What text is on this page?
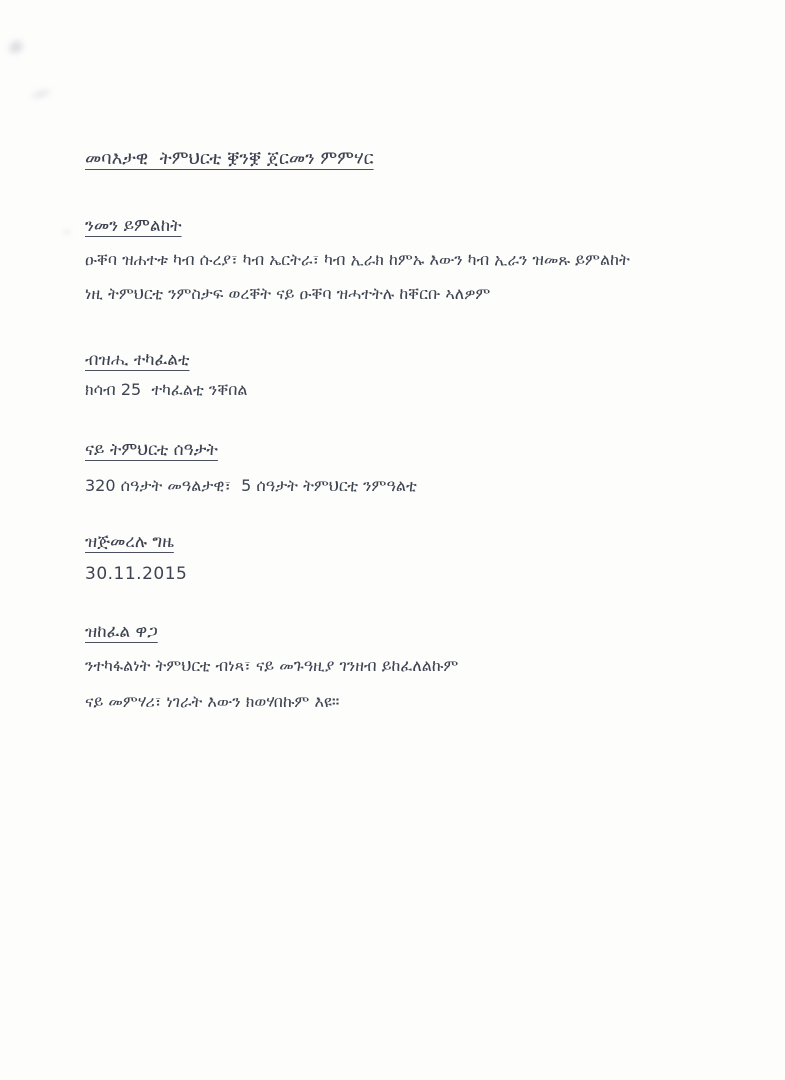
መባእታዊ  ትምህርቲ ቛንቛ ጀርመን ምምሃር
ንመን ይምልከት
ዑቐባ ዝሐተቱ ካብ ሱረያ፣ ካብ ኤርትራ፣ ካብ ኢራክ ከምኡ እውን ካብ ኢራን ዝመጹ ይምልከት
ነዚ ትምህርቲ ንምስታፍ ወረቐት ናይ ዑቐባ ዝሓተትሉ ከቐርቡ ኣለዎም
ብዝሒ ተካፈልቲ
ክሳብ 25  ተካፈልቲ ንቐበል
ናይ ትምህርቲ ሰዓታት
320 ሰዓታት መዓልታዊ፣  5 ሰዓታት ትምህርቲ ንምዓልቲ
ዝጅመረሉ ግዜ
30.11.2015
ዝከፈል ዋጋ
ንተካፋልነት ትምህርቲ ብነጻ፣ ናይ መጉዓዚያ ገንዘብ ይከፈለልኩም
ናይ መምሃሪ፣ ነገራት እውን ክወሃበኩም እዩ።
